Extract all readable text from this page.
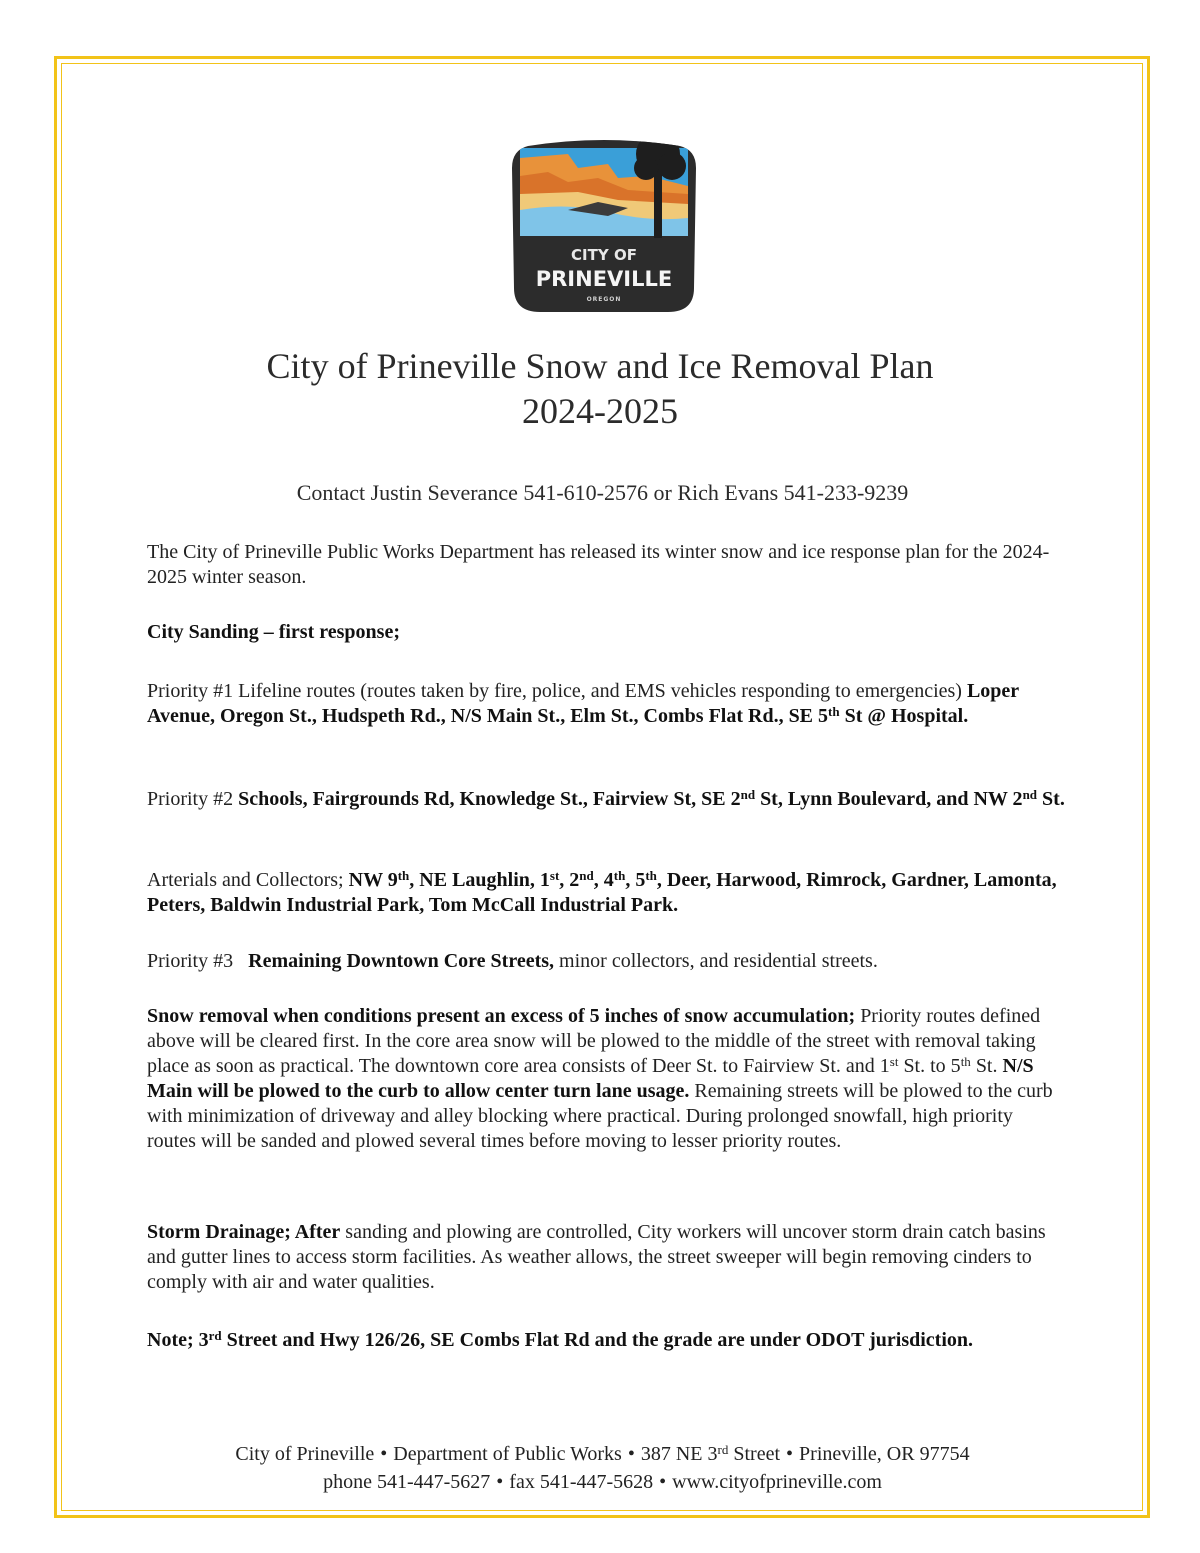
CITY OF
PRINEVILLE
OREGON
City of Prineville Snow and Ice Removal Plan
2024-2025
Contact Justin Severance 541-610-2576 or Rich Evans 541-233-9239
The City of Prineville Public Works Department has released its winter snow and ice response plan for the 2024-2025 winter season.
City Sanding – first response;
Priority #1 Lifeline routes (routes taken by fire, police, and EMS vehicles responding to emergencies) Loper Avenue, Oregon St., Hudspeth Rd., N/S Main St., Elm St., Combs Flat Rd., SE 5th St @ Hospital.
Priority #2 Schools, Fairgrounds Rd, Knowledge St., Fairview St, SE 2nd St, Lynn Boulevard, and NW 2nd St.
Arterials and Collectors; NW 9th, NE Laughlin, 1st, 2nd, 4th, 5th, Deer, Harwood, Rimrock, Gardner, Lamonta, Peters, Baldwin Industrial Park, Tom McCall Industrial Park.
Priority #3 Remaining Downtown Core Streets, minor collectors, and residential streets.
Snow removal when conditions present an excess of 5 inches of snow accumulation; Priority routes defined above will be cleared first. In the core area snow will be plowed to the middle of the street with removal taking place as soon as practical. The downtown core area consists of Deer St. to Fairview St. and 1st St. to 5th St. N/S Main will be plowed to the curb to allow center turn lane usage. Remaining streets will be plowed to the curb with minimization of driveway and alley blocking where practical. During prolonged snowfall, high priority routes will be sanded and plowed several times before moving to lesser priority routes.
Storm Drainage; After sanding and plowing are controlled, City workers will uncover storm drain catch basins and gutter lines to access storm facilities. As weather allows, the street sweeper will begin removing cinders to comply with air and water qualities.
Note; 3rd Street and Hwy 126/26, SE Combs Flat Rd and the grade are under ODOT jurisdiction.
City of Prineville • Department of Public Works • 387 NE 3rd Street • Prineville, OR 97754
phone 541-447-5627 • fax 541-447-5628 • www.cityofprineville.com
